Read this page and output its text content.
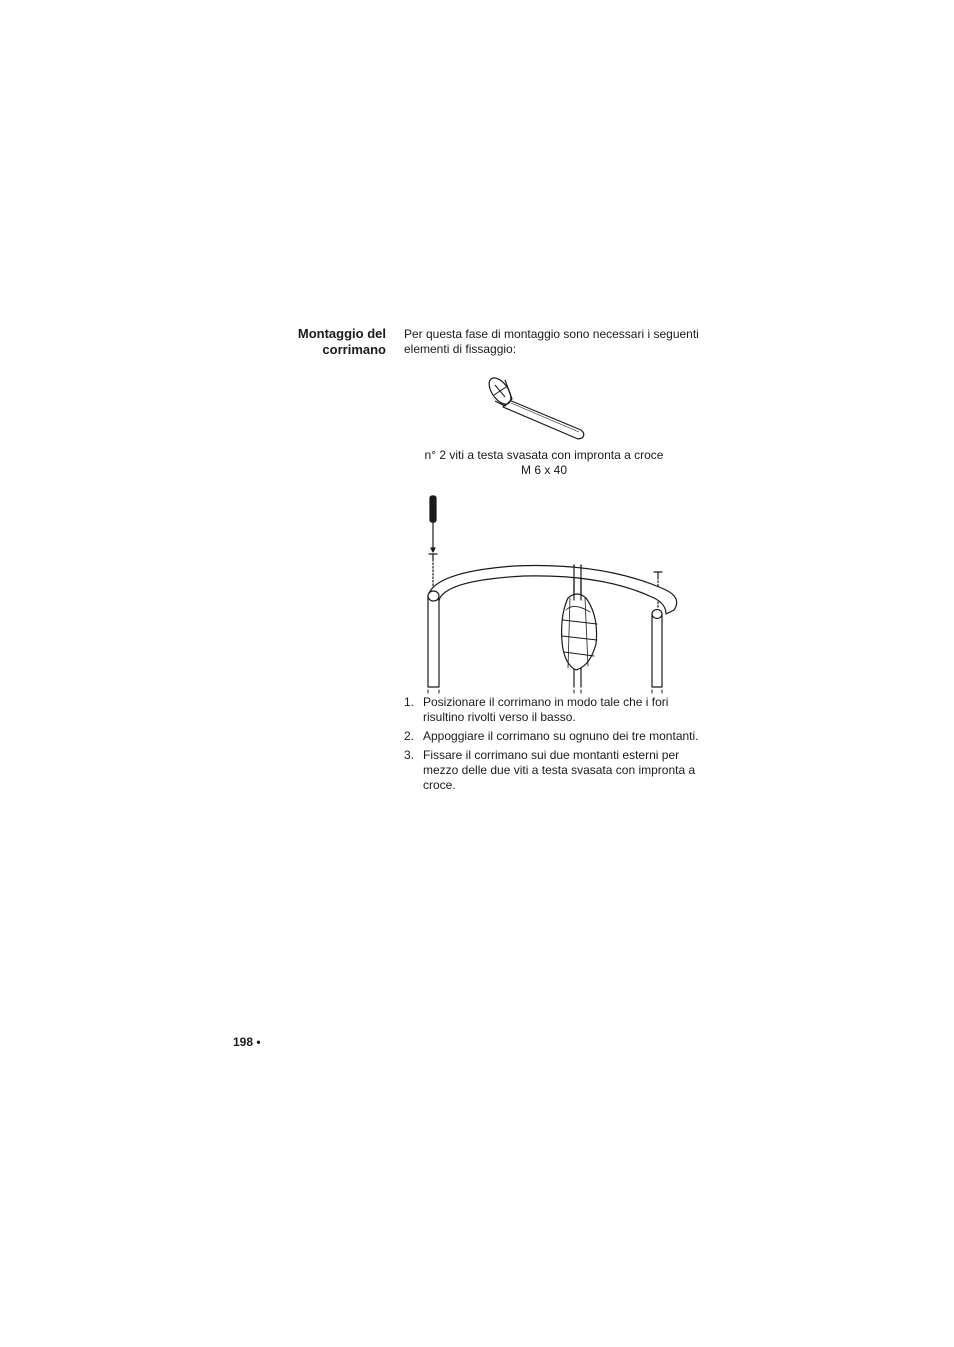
Montaggio del
corrimano
Per questa fase di montaggio sono necessari i seguenti elementi di fissaggio:
n° 2 viti a testa svasata con impronta a croce
M 6 x 40
1. Posizionare il corrimano in modo tale che i fori risultino rivolti verso il basso.
2. Appoggiare il corrimano su ognuno dei tre montanti.
3. Fissare il corrimano sui due montanti esterni per mezzo delle due viti a testa svasata con impronta a croce.
198 •
